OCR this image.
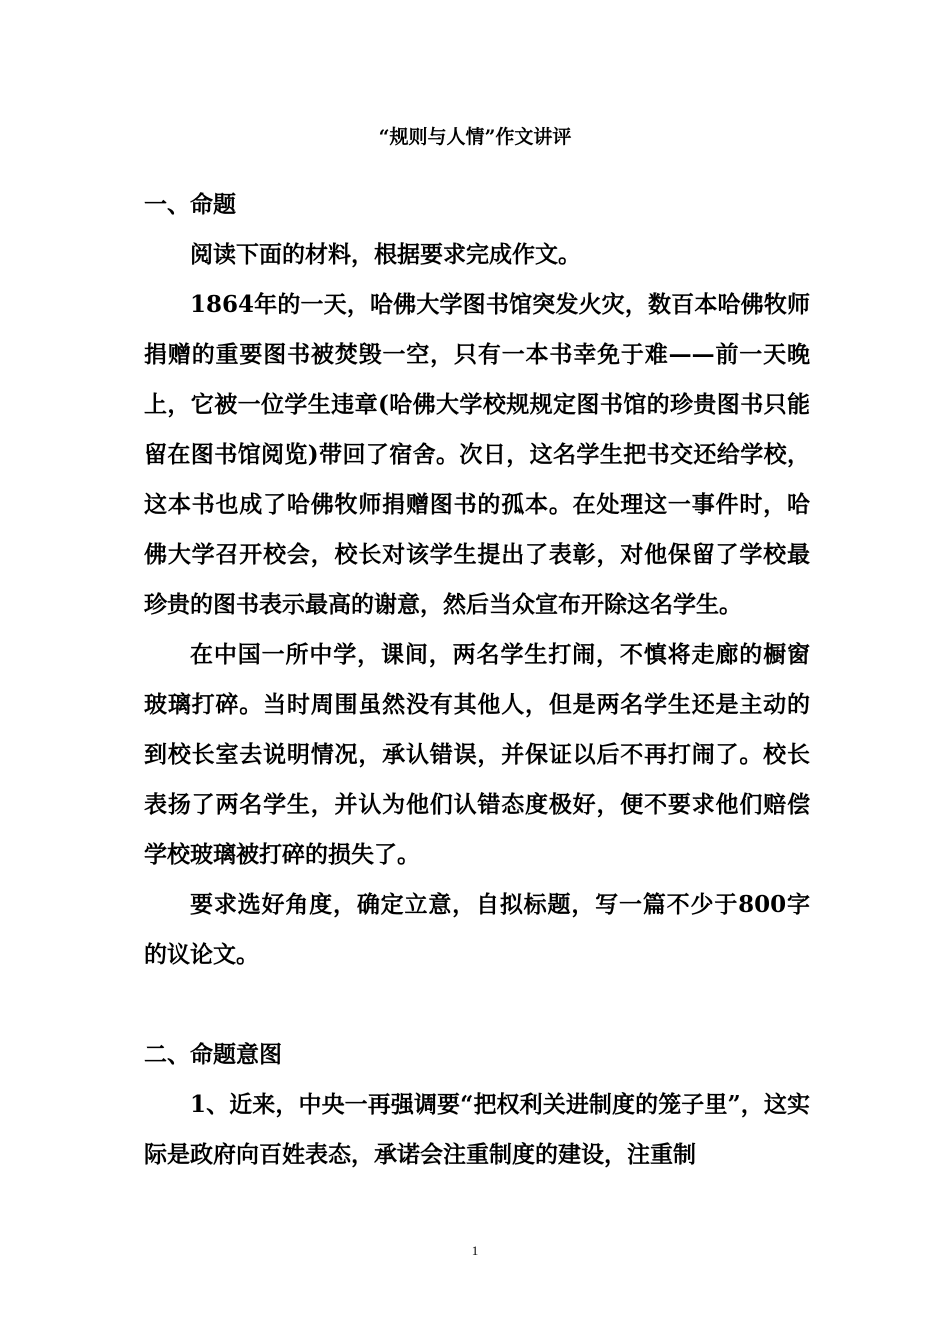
“规则与人情”作文讲评

一、命题

阅读下面的材料，根据要求完成作文。

1864年的一天，哈佛大学图书馆突发火灾，数百本哈佛牧师捐赠的重要图书被焚毁一空，只有一本书幸免于难——前一天晚上，它被一位学生违章(哈佛大学校规规定图书馆的珍贵图书只能留在图书馆阅览)带回了宿舍。次日，这名学生把书交还给学校，这本书也成了哈佛牧师捐赠图书的孤本。在处理这一事件时，哈佛大学召开校会，校长对该学生提出了表彰，对他保留了学校最珍贵的图书表示最高的谢意，然后当众宣布开除这名学生。

在中国一所中学，课间，两名学生打闹，不慎将走廊的橱窗玻璃打碎。当时周围虽然没有其他人，但是两名学生还是主动的到校长室去说明情况，承认错误，并保证以后不再打闹了。校长表扬了两名学生，并认为他们认错态度极好，便不要求他们赔偿学校玻璃被打碎的损失了。

要求选好角度，确定立意，自拟标题，写一篇不少于800字的议论文。

二、命题意图

1、近来，中央一再强调要“把权利关进制度的笼子里”，这实际是政府向百姓表态，承诺会注重制度的建设，注重制

1
